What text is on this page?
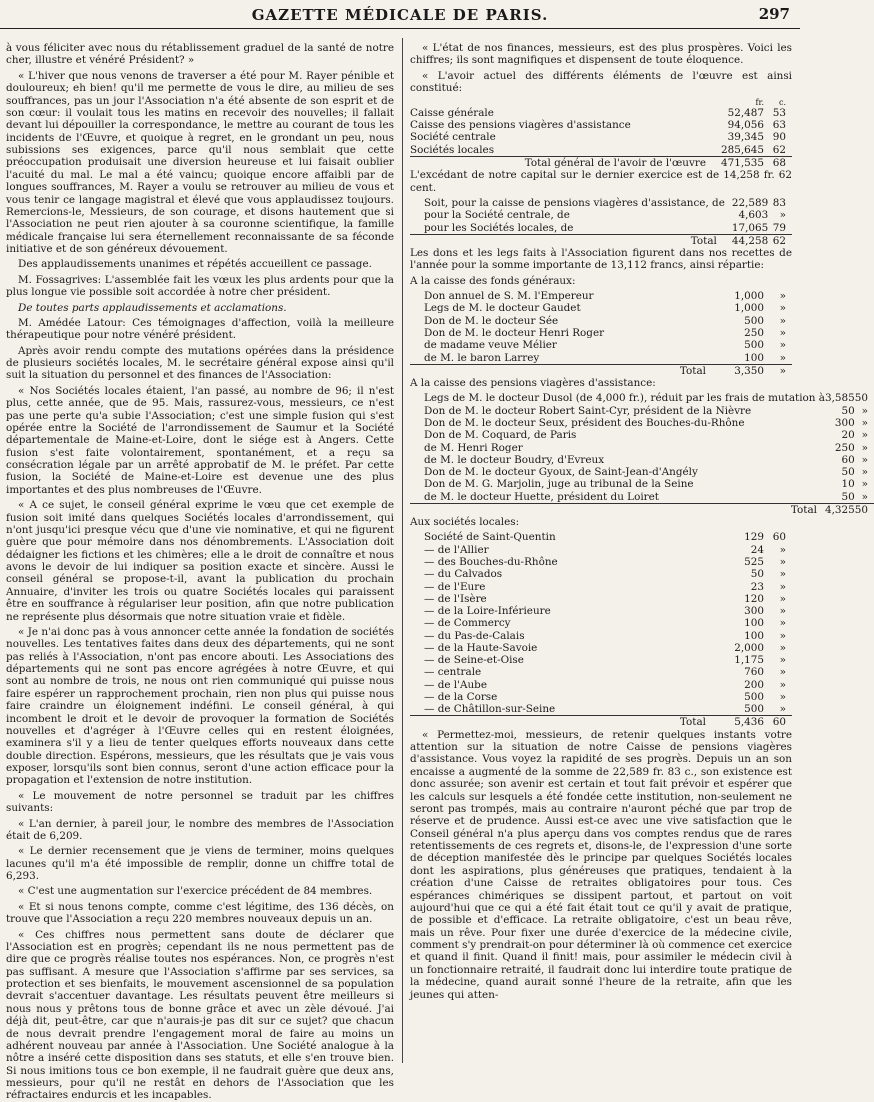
GAZETTE MÉDICALE DE PARIS.	297

à vous féliciter avec nous du rétablissement graduel de la santé de notre cher, illustre et vénéré Président? »

« L'hiver que nous venons de traverser a été pour M. Rayer pénible et douloureux; eh bien! qu'il me permette de vous le dire, au milieu de ses souffrances, pas un jour l'Association n'a été absente de son esprit et de son cœur: il voulait tous les matins en recevoir des nouvelles; il fallait devant lui dépouiller la correspondance, le mettre au courant de tous les incidents de l'Œuvre, et quoique à regret, en le grondant un peu, nous subissions ses exigences, parce qu'il nous semblait que cette préoccupation produisait une diversion heureuse et lui faisait oublier l'acuité du mal. Le mal a été vaincu; quoique encore affaibli par de longues souffrances, M. Rayer a voulu se retrouver au milieu de vous et vous tenir ce langage magistral et élevé que vous applaudissez toujours. Remercions-le, Messieurs, de son courage, et disons hautement que si l'Association ne peut rien ajouter à sa couronne scientifique, la famille médicale française lui sera éternellement reconnaissante de sa féconde initiative et de son généreux dévouement.

Des applaudissements unanimes et répétés accueillent ce passage.

M. Fossagrives: L'assemblée fait les vœux les plus ardents pour que la plus longue vie possible soit accordée à notre cher président.

De toutes parts applaudissements et acclamations.

M. Amédée Latour: Ces témoignages d'affection, voilà la meilleure thérapeutique pour notre vénéré président.

Après avoir rendu compte des mutations opérées dans la présidence de plusieurs sociétés locales, M. le secrétaire général expose ainsi qu'il suit la situation du personnel et des finances de l'Association:

« Nos Sociétés locales étaient, l'an passé, au nombre de 96; il n'est plus, cette année, que de 95. Mais, rassurez-vous, messieurs, ce n'est pas une perte qu'a subie l'Association; c'est une simple fusion qui s'est opérée entre la Société de l'arrondissement de Saumur et la Société départementale de Maine-et-Loire, dont le siége est à Angers. Cette fusion s'est faite volontairement, spontanément, et a reçu sa consécration légale par un arrêté approbatif de M. le préfet. Par cette fusion, la Société de Maine-et-Loire est devenue une des plus importantes et des plus nombreuses de l'Œuvre.

« A ce sujet, le conseil général exprime le vœu que cet exemple de fusion soit imité dans quelques Sociétés locales d'arrondissement, qui n'ont jusqu'ici presque vécu que d'une vie nominative, et qui ne figurent guère que pour mémoire dans nos dénombrements. L'Association doit dédaigner les fictions et les chimères; elle a le droit de connaître et nous avons le devoir de lui indiquer sa position exacte et sincère. Aussi le conseil général se propose-t-il, avant la publication du prochain Annuaire, d'inviter les trois ou quatre Sociétés locales qui paraissent être en souffrance à régulariser leur position, afin que notre publication ne représente plus désormais que notre situation vraie et fidèle.

« Je n'ai donc pas à vous annoncer cette année la fondation de sociétés nouvelles. Les tentatives faites dans deux des départements, qui ne sont pas reliés à l'Association, n'ont pas encore abouti. Les Associations des départements qui ne sont pas encore agrégées à notre Œuvre, et qui sont au nombre de trois, ne nous ont rien communiqué qui puisse nous faire espérer un rapprochement prochain, rien non plus qui puisse nous faire craindre un éloignement indéfini. Le conseil général, à qui incombent le droit et le devoir de provoquer la formation de Sociétés nouvelles et d'agréger à l'Œuvre celles qui en restent éloignées, examinera s'il y a lieu de tenter quelques efforts nouveaux dans cette double direction. Espérons, messieurs, que les résultats que je vais vous exposer, lorsqu'ils sont bien connus, seront d'une action efficace pour la propagation et l'extension de notre institution.

« Le mouvement de notre personnel se traduit par les chiffres suivants:

« L'an dernier, à pareil jour, le nombre des membres de l'Association était de 6,209.

« Le dernier recensement que je viens de terminer, moins quelques lacunes qu'il m'a été impossible de remplir, donne un chiffre total de 6,293.

« C'est une augmentation sur l'exercice précédent de 84 membres.

« Et si nous tenons compte, comme c'est légitime, des 136 décès, on trouve que l'Association a reçu 220 membres nouveaux depuis un an.

« Ces chiffres nous permettent sans doute de déclarer que l'Association est en progrès; cependant ils ne nous permettent pas de dire que ce progrès réalise toutes nos espérances. Non, ce progrès n'est pas suffisant. A mesure que l'Association s'affirme par ses services, sa protection et ses bienfaits, le mouvement ascensionnel de sa population devrait s'accentuer davantage. Les résultats peuvent être meilleurs si nous nous y prêtons tous de bonne grâce et avec un zèle dévoué. J'ai déjà dit, peut-être, car que n'aurais-je pas dit sur ce sujet? que chacun de nous devrait prendre l'engagement moral de faire au moins un adhérent nouveau par année à l'Association. Une Société analogue à la nôtre a inséré cette disposition dans ses statuts, et elle s'en trouve bien. Si nous imitions tous ce bon exemple, il ne faudrait guère que deux ans, messieurs, pour qu'il ne restât en dehors de l'Association que les réfractaires endurcis et les incapables.

« L'état de nos finances, messieurs, est des plus prospères. Voici les chiffres; ils sont magnifiques et dispensent de toute éloquence.

« L'avoir actuel des différents éléments de l'œuvre est ainsi constitué:

	fr.	c.
Caisse générale	52,487	53
Caisse des pensions viagères d'assistance	94,056	63
Société centrale	39,345	90
Sociétés locales	285,645	62
Total général de l'avoir de l'œuvre	471,535	68

L'excédant de notre capital sur le dernier exercice est de 14,258 fr. 62 cent.

Soit, pour la caisse de pensions viagères d'assistance, de	22,589	83
pour la Société centrale, de	4,603	»
pour les Sociétés locales, de	17,065	79
Total	44,258	62

Les dons et les legs faits à l'Association figurent dans nos recettes de l'année pour la somme importante de 13,112 francs, ainsi répartie:

A la caisse des fonds généraux:

Don annuel de S. M. l'Empereur	1,000	»
Legs de M. le docteur Gaudet	1,000	»
Don de M. le docteur Sée	500	»
Don de M. le docteur Henri Roger	250	»
de madame veuve Mélier	500	»
de M. le baron Larrey	100	»
Total	3,350	»

A la caisse des pensions viagères d'assistance:

Legs de M. le docteur Dusol (de 4,000 fr.), réduit par les frais de mutation à	3,585	50
Don de M. le docteur Robert Saint-Cyr, président de la Nièvre	50	»
Don de M. le docteur Seux, président des Bouches-du-Rhône	300	»
Don de M. Coquard, de Paris	20	»
de M. Henri Roger	250	»
de M. le docteur Boudry, d'Evreux	60	»
Don de M. le docteur Gyoux, de Saint-Jean-d'Angély	50	»
Don de M. G. Marjolin, juge au tribunal de la Seine	10	»
de M. le docteur Huette, président du Loiret	50	»
Total	4,325	50

Aux sociétés locales:

Société de Saint-Quentin	129	60
— de l'Allier	24	»
— des Bouches-du-Rhône	525	»
— du Calvados	50	»
— de l'Eure	23	»
— de l'Isère	120	»
— de la Loire-Inférieure	300	»
— de Commercy	100	»
— du Pas-de-Calais	100	»
— de la Haute-Savoie	2,000	»
— de Seine-et-Oise	1,175	»
— centrale	760	»
— de l'Aube	200	»
— de la Corse	500	»
— de Châtillon-sur-Seine	500	»
Total	5,436	60

« Permettez-moi, messieurs, de retenir quelques instants votre attention sur la situation de notre Caisse de pensions viagères d'assistance. Vous voyez la rapidité de ses progrès. Depuis un an son encaisse a augmenté de la somme de 22,589 fr. 83 c., son existence est donc assurée; son avenir est certain et tout fait prévoir et espérer que les calculs sur lesquels a été fondée cette institution, non-seulement ne seront pas trompés, mais au contraire n'auront péché que par trop de réserve et de prudence. Aussi est-ce avec une vive satisfaction que le Conseil général n'a plus aperçu dans vos comptes rendus que de rares retentissements de ces regrets et, disons-le, de l'expression d'une sorte de déception manifestée dès le principe par quelques Sociétés locales dont les aspirations, plus généreuses que pratiques, tendaient à la création d'une Caisse de retraites obligatoires pour tous. Ces espérances chimériques se dissipent partout, et partout on voit aujourd'hui que ce qui a été fait était tout ce qu'il y avait de pratique, de possible et d'efficace. La retraite obligatoire, c'est un beau rêve, mais un rêve. Pour fixer une durée d'exercice de la médecine civile, comment s'y prendrait-on pour déterminer là où commence cet exercice et quand il finit. Quand il finit! mais, pour assimiler le médecin civil à un fonctionnaire retraité, il faudrait donc lui interdire toute pratique de la médecine, quand aurait sonné l'heure de la retraite, afin que les jeunes qui atten-
